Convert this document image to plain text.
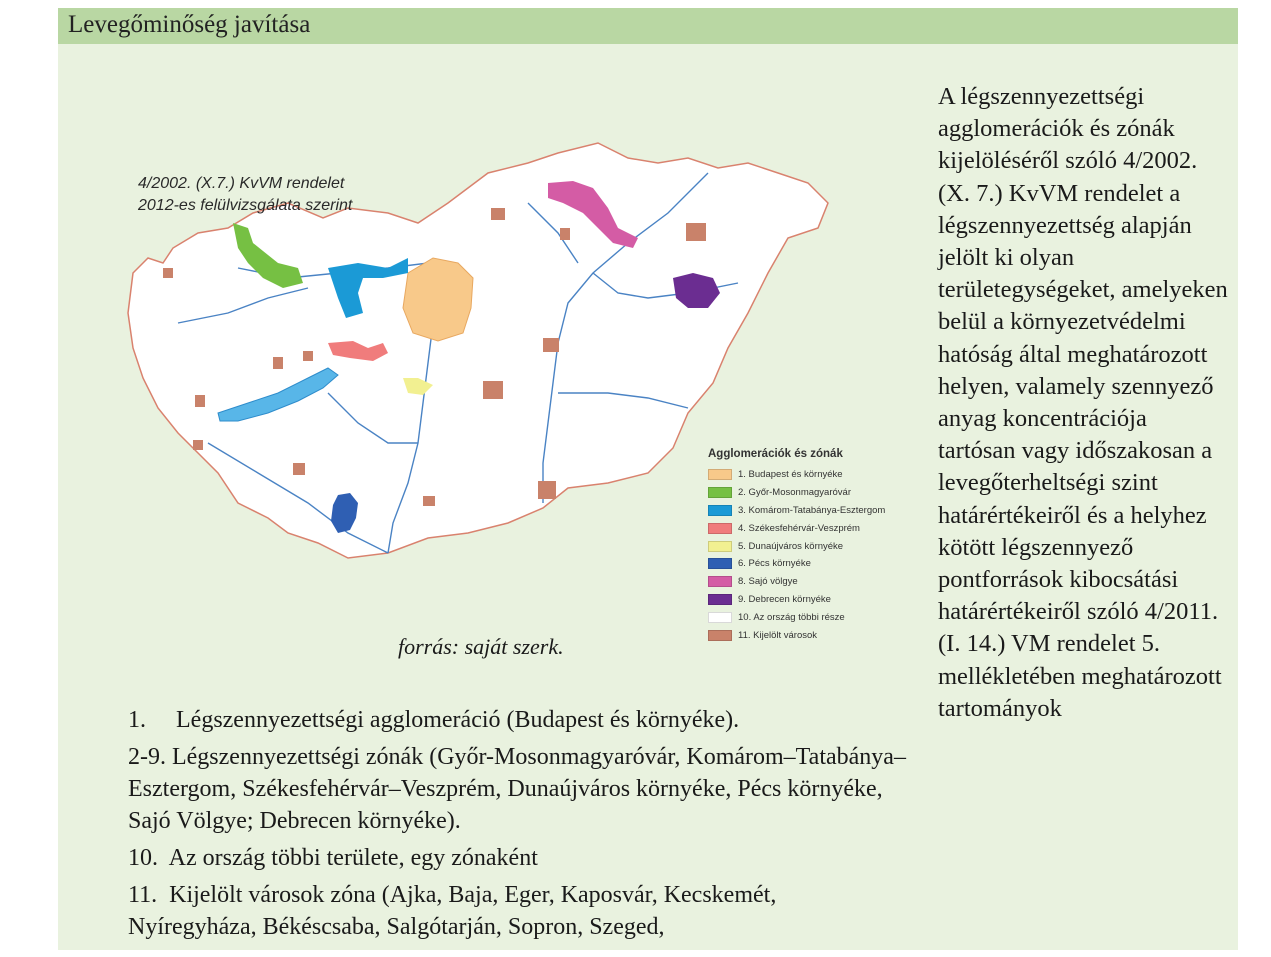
Levegőminőség javítása
4/2002. (X.7.) KvVM rendelet
2012-es felülvizsgálata szerint
Agglomerációk és zónák
1. Budapest és környéke
2. Győr-Mosonmagyaróvár
3. Komárom-Tatabánya-Esztergom
4. Székesfehérvár-Veszprém
5. Dunaújváros környéke
6. Pécs környéke
8. Sajó völgye
9. Debrecen környéke
10. Az ország többi része
11. Kijelölt városok
forrás: saját szerk.
1.     Légszennyezettségi agglomeráció (Budapest és környéke).
2-9. Légszennyezettségi zónák (Győr-Mosonmagyaróvár, Komárom–Tatabánya–Esztergom, Székesfehérvár–Veszprém, Dunaújváros környéke, Pécs környéke, Sajó Völgye; Debrecen környéke).
10.  Az ország többi területe, egy zónaként
11.  Kijelölt városok zóna (Ajka, Baja, Eger, Kaposvár, Kecskemét, Nyíregyháza, Békéscsaba, Salgótarján, Sopron, Szeged,
A légszennyezettségi agglomerációk és zónák kijelöléséről szóló 4/2002. (X. 7.) KvVM rendelet a légszennyezettség alapján jelölt ki olyan területegységeket, amelyeken belül a környezetvédelmi hatóság által meghatározott helyen, valamely szennyező anyag koncentrációja tartósan vagy időszakosan a levegőterheltségi szint határértékeiről és a helyhez kötött légszennyező pontforrások kibocsátási határértékeiről szóló 4/2011. (I. 14.) VM rendelet 5. mellékletében meghatározott tartományok
